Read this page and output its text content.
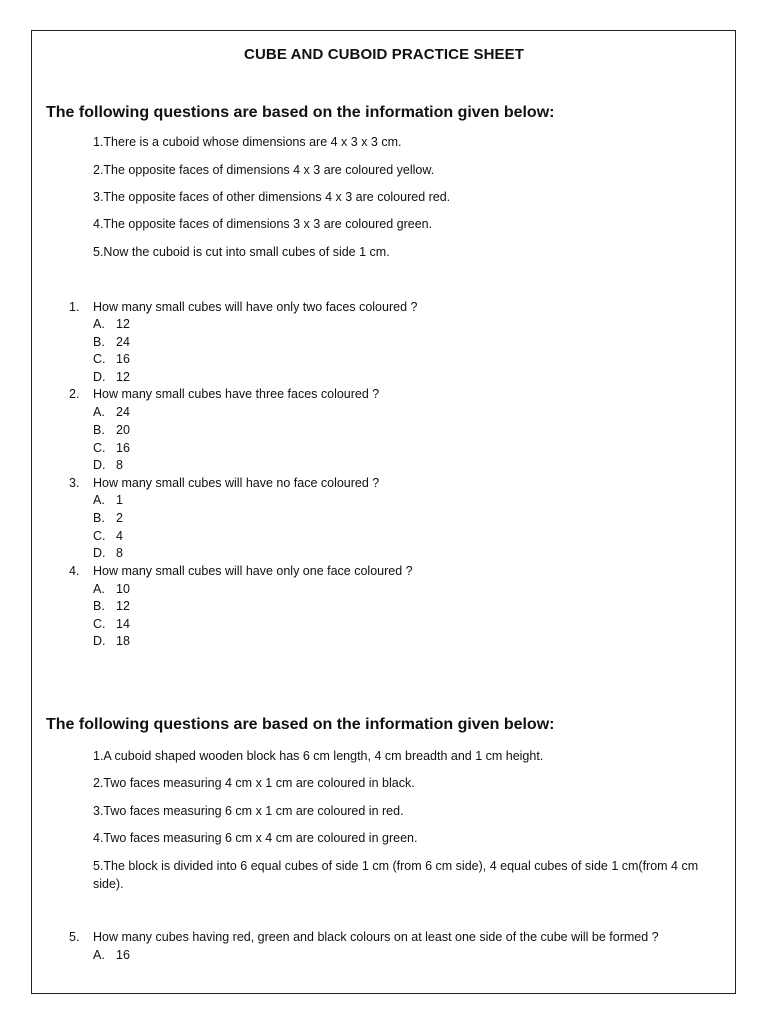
CUBE AND CUBOID PRACTICE SHEET
The following questions are based on the information given below:
1.There is a cuboid whose dimensions are 4 x 3 x 3 cm.
2.The opposite faces of dimensions 4 x 3 are coloured yellow.
3.The opposite faces of other dimensions 4 x 3 are coloured red.
4.The opposite faces of dimensions 3 x 3 are coloured green.
5.Now the cuboid is cut into small cubes of side 1 cm.
1. How many small cubes will have only two faces coloured ?
A. 12
B. 24
C. 16
D. 12
2. How many small cubes have three faces coloured ?
A. 24
B. 20
C. 16
D. 8
3. How many small cubes will have no face coloured ?
A. 1
B. 2
C. 4
D. 8
4. How many small cubes will have only one face coloured ?
A. 10
B. 12
C. 14
D. 18
The following questions are based on the information given below:
1.A cuboid shaped wooden block has 6 cm length, 4 cm breadth and 1 cm height.
2.Two faces measuring 4 cm x 1 cm are coloured in black.
3.Two faces measuring 6 cm x 1 cm are coloured in red.
4.Two faces measuring 6 cm x 4 cm are coloured in green.
5.The block is divided into 6 equal cubes of side 1 cm (from 6 cm side), 4 equal cubes of side 1 cm(from 4 cm side).
5. How many cubes having red, green and black colours on at least one side of the cube will be formed ?
A. 16
